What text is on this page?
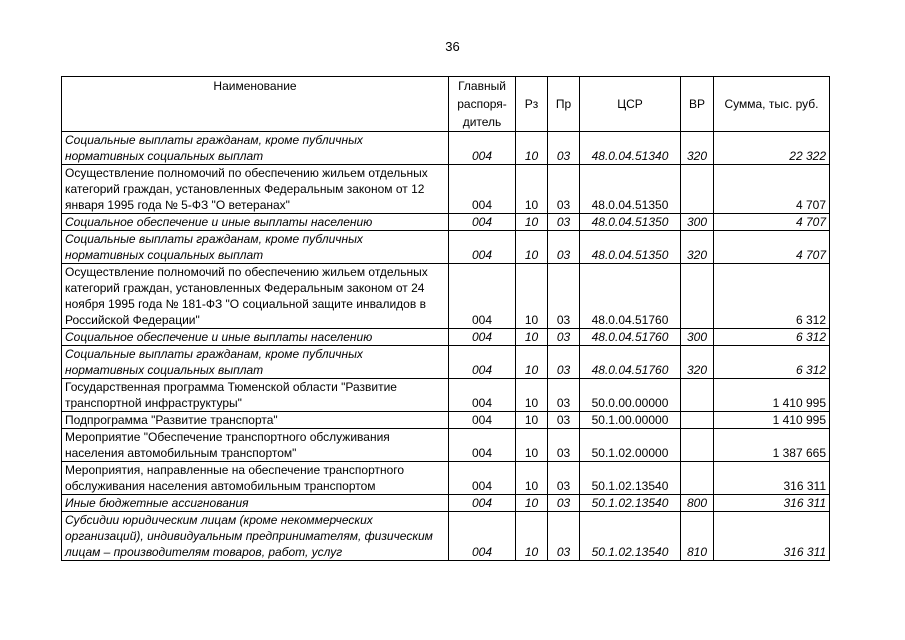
36
Наименование	Главный распоря-дитель	Рз	Пр	ЦСР	ВР	Сумма, тыс. руб.
Социальные выплаты гражданам, кроме публичных нормативных социальных выплат	004	10	03	48.0.04.51340	320	22 322
Осуществление полномочий по обеспечению жильем отдельных категорий граждан, установленных Федеральным законом от 12 января 1995 года № 5-ФЗ "О ветеранах"	004	10	03	48.0.04.51350		4 707
Социальное обеспечение и иные выплаты населению	004	10	03	48.0.04.51350	300	4 707
Социальные выплаты гражданам, кроме публичных нормативных социальных выплат	004	10	03	48.0.04.51350	320	4 707
Осуществление полномочий по обеспечению жильем отдельных категорий граждан, установленных Федеральным законом от 24 ноября 1995 года № 181-ФЗ "О социальной защите инвалидов в Российской Федерации"	004	10	03	48.0.04.51760		6 312
Социальное обеспечение и иные выплаты населению	004	10	03	48.0.04.51760	300	6 312
Социальные выплаты гражданам, кроме публичных нормативных социальных выплат	004	10	03	48.0.04.51760	320	6 312
Государственная программа Тюменской области "Развитие транспортной инфраструктуры"	004	10	03	50.0.00.00000		1 410 995
Подпрограмма "Развитие транспорта"	004	10	03	50.1.00.00000		1 410 995
Мероприятие "Обеспечение транспортного обслуживания населения автомобильным транспортом"	004	10	03	50.1.02.00000		1 387 665
Мероприятия, направленные на обеспечение транспортного обслуживания населения автомобильным транспортом	004	10	03	50.1.02.13540		316 311
Иные бюджетные ассигнования	004	10	03	50.1.02.13540	800	316 311
Субсидии юридическим лицам (кроме некоммерческих организаций), индивидуальным предпринимателям, физическим лицам – производителям товаров, работ, услуг	004	10	03	50.1.02.13540	810	316 311
